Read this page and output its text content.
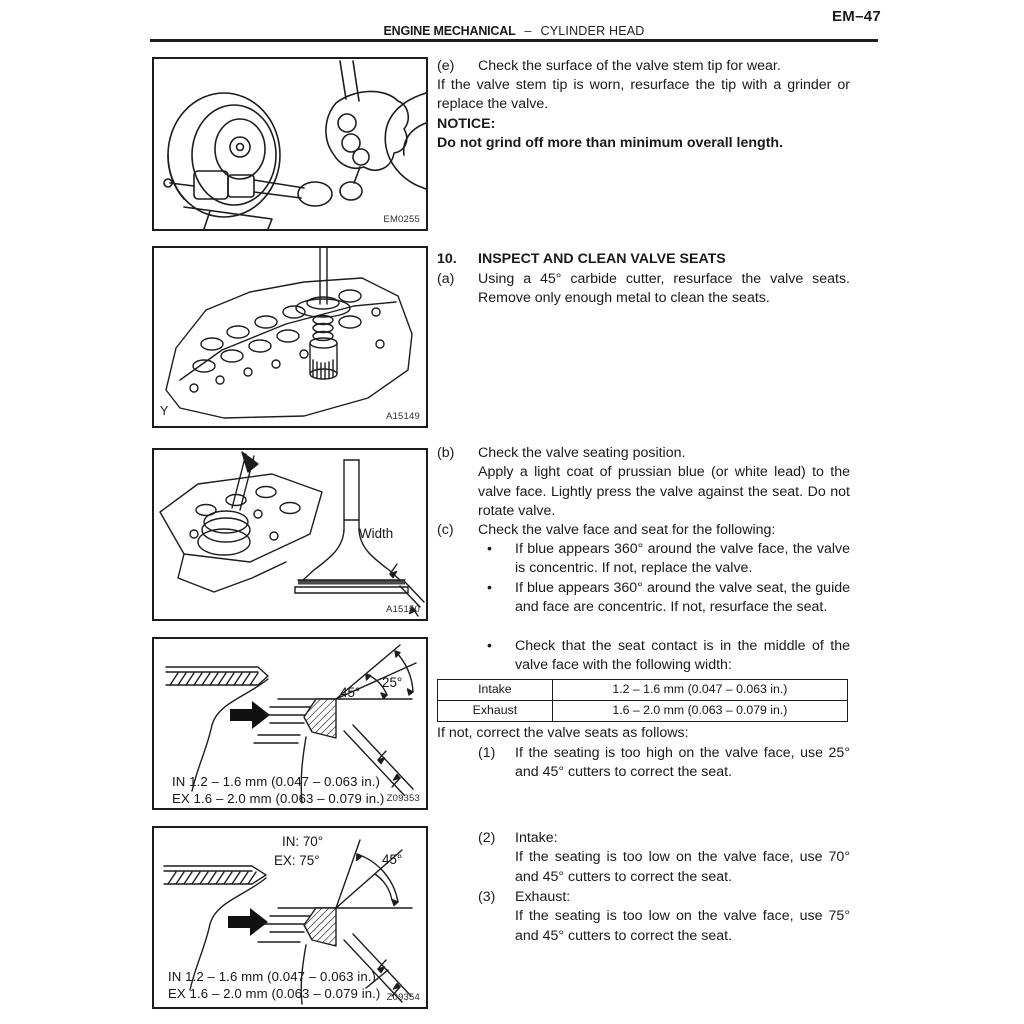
EM–47
ENGINE MECHANICAL – CYLINDER HEAD
EM0255
Y	A15149
Width
A15150
45°
25°
IN 1.2 – 1.6 mm (0.047 – 0.063 in.)
EX 1.6 – 2.0 mm (0.063 – 0.079 in.) Z09353
IN: 70°
EX: 75°	45°
IN 1.2 – 1.6 mm (0.047 – 0.063 in.)
EX 1.6 – 2.0 mm (0.063 – 0.079 in.) Z09354
(e)	Check the surface of the valve stem tip for wear.
If the valve stem tip is worn, resurface the tip with a grinder or replace the valve.
NOTICE:
Do not grind off more than minimum overall length.
10.	INSPECT AND CLEAN VALVE SEATS
(a)	Using a 45° carbide cutter, resurface the valve seats. Remove only enough metal to clean the seats.
(b)	Check the valve seating position.
Apply a light coat of prussian blue (or white lead) to the valve face. Lightly press the valve against the seat. Do not rotate valve.
(c)	Check the valve face and seat for the following:
•	If blue appears 360° around the valve face, the valve is concentric. If not, replace the valve.
•	If blue appears 360° around the valve seat, the guide and face are concentric. If not, resurface the seat.
•	Check that the seat contact is in the middle of the valve face with the following width:
Intake	1.2 – 1.6 mm (0.047 – 0.063 in.)
Exhaust	1.6 – 2.0 mm (0.063 – 0.079 in.)
If not, correct the valve seats as follows:
(1)	If the seating is too high on the valve face, use 25° and 45° cutters to correct the seat.
(2)	Intake:
If the seating is too low on the valve face, use 70° and 45° cutters to correct the seat.
(3)	Exhaust:
If the seating is too low on the valve face, use 75° and 45° cutters to correct the seat.
